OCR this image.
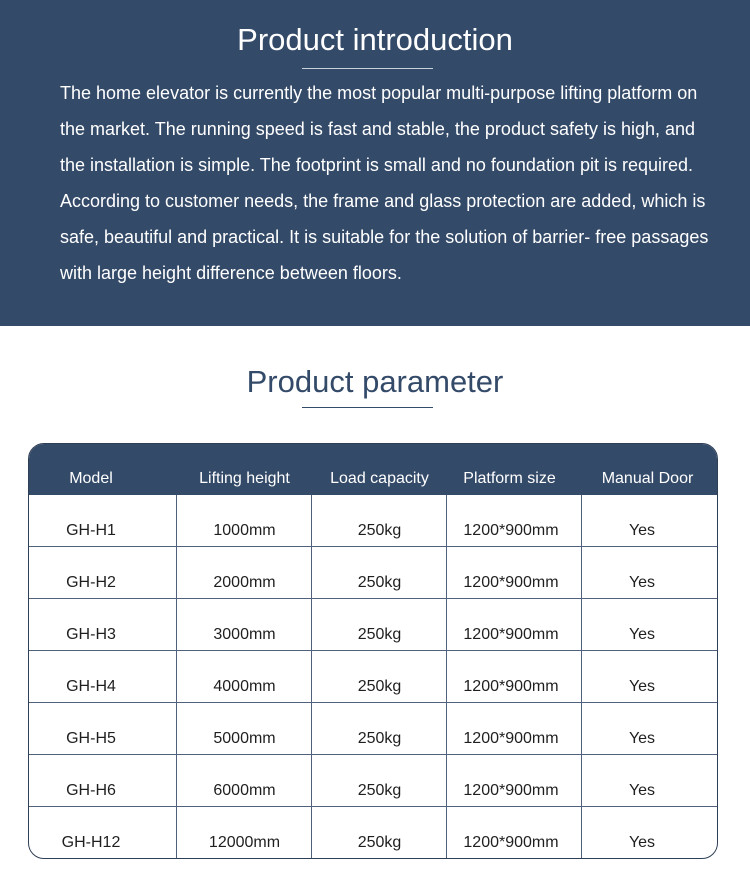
Product introduction

The home elevator is currently the most popular multi-purpose lifting platform on the market. The running speed is fast and stable, the product safety is high, and the installation is simple. The footprint is small and no foundation pit is required. According to customer needs, the frame and glass protection are added, which is safe, beautiful and practical. It is suitable for the solution of barrier- free passages with large height difference between floors.

Product parameter
Model	Lifting height	Load capacity	Platform size	Manual Door
GH-H1	1000mm	250kg	1200*900mm	Yes
GH-H2	2000mm	250kg	1200*900mm	Yes
GH-H3	3000mm	250kg	1200*900mm	Yes
GH-H4	4000mm	250kg	1200*900mm	Yes
GH-H5	5000mm	250kg	1200*900mm	Yes
GH-H6	6000mm	250kg	1200*900mm	Yes
GH-H12	12000mm	250kg	1200*900mm	Yes
